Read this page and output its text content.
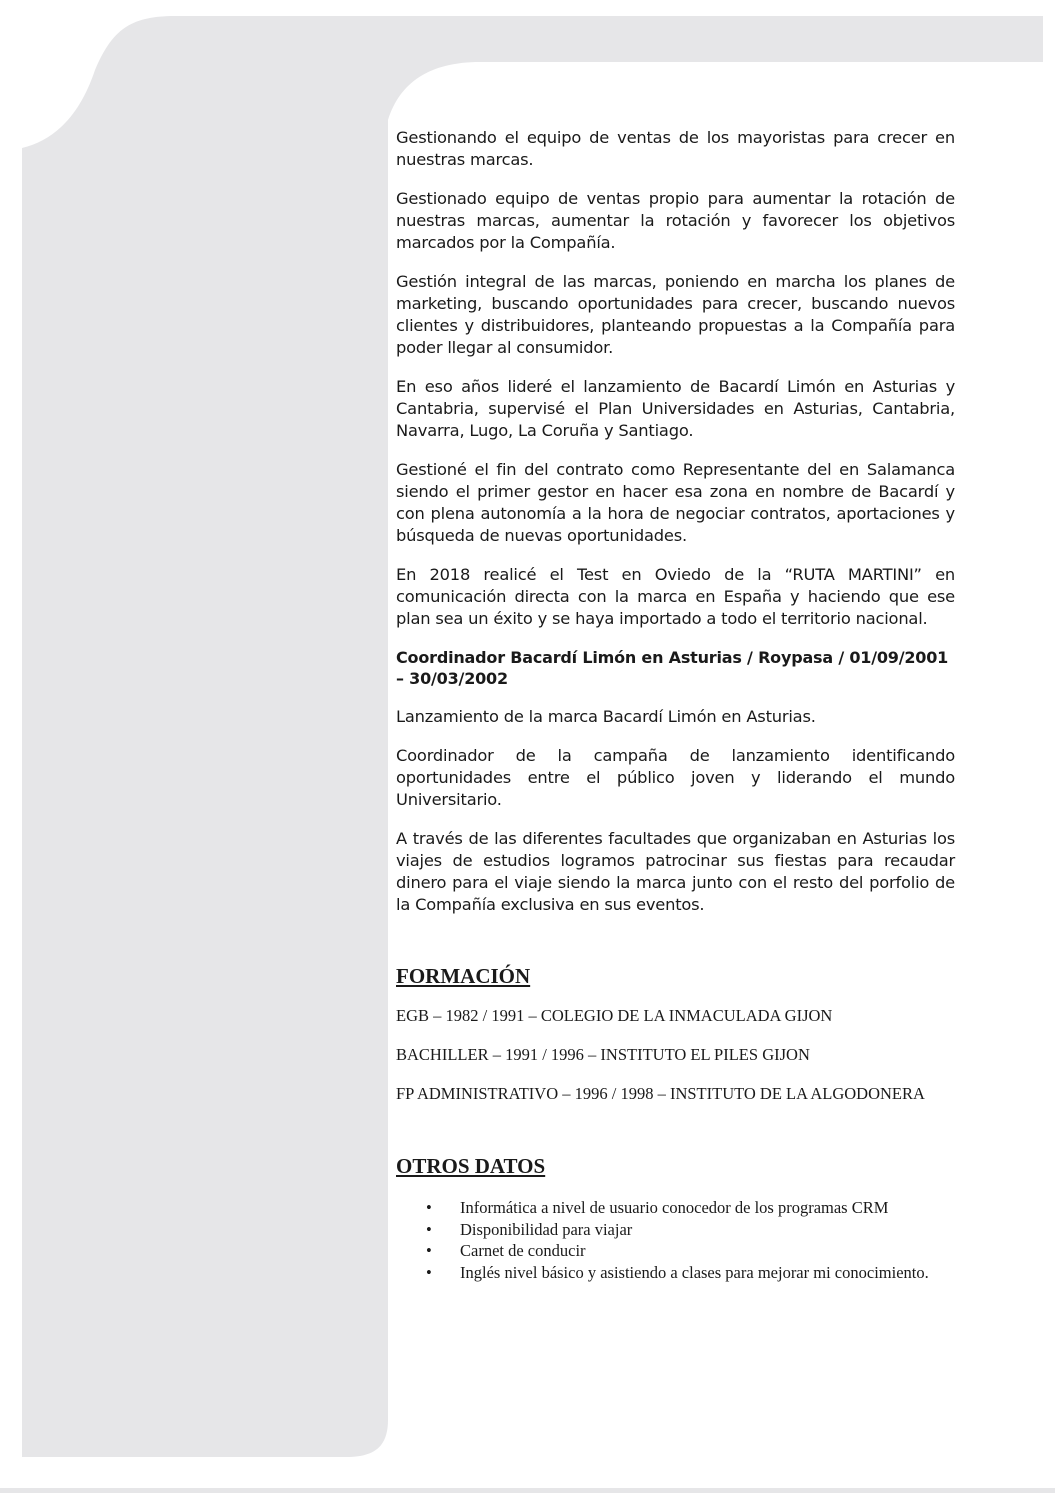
Gestionando el equipo de ventas de los mayoristas para crecer en nuestras marcas.

Gestionado equipo de ventas propio para aumentar la rotación de nuestras marcas, aumentar la rotación y favorecer los objetivos marcados por la Compañía.

Gestión integral de las marcas, poniendo en marcha los planes de marketing, buscando oportunidades para crecer, buscando nuevos clientes y distribuidores, planteando propuestas a la Compañía para poder llegar al consumidor.

En eso años lideré el lanzamiento de Bacardí Limón en Asturias y Cantabria, supervisé el Plan Universidades en Asturias, Cantabria, Navarra, Lugo, La Coruña y Santiago.

Gestioné el fin del contrato como Representante del en Salamanca siendo el primer gestor en hacer esa zona en nombre de Bacardí y con plena autonomía a la hora de negociar contratos, aportaciones y búsqueda de nuevas oportunidades.

En 2018 realicé el Test en Oviedo de la “RUTA MARTINI” en comunicación directa con la marca en España y haciendo que ese plan sea un éxito y se haya importado a todo el territorio nacional.

Coordinador Bacardí Limón en Asturias / Roypasa / 01/09/2001 – 30/03/2002

Lanzamiento de la marca Bacardí Limón en Asturias.

Coordinador de la campaña de lanzamiento identificando oportunidades entre el público joven y liderando el mundo Universitario.

A través de las diferentes facultades que organizaban en Asturias los viajes de estudios logramos patrocinar sus fiestas para recaudar dinero para el viaje siendo la marca junto con el resto del porfolio de la Compañía exclusiva en sus eventos.

FORMACIÓN

EGB – 1982 / 1991 – COLEGIO DE LA INMACULADA GIJON

BACHILLER – 1991 / 1996 – INSTITUTO EL PILES GIJON

FP ADMINISTRATIVO – 1996 / 1998 – INSTITUTO DE LA ALGODONERA

OTROS DATOS
• Informática a nivel de usuario conocedor de los programas CRM
• Disponibilidad para viajar
• Carnet de conducir
• Inglés nivel básico y asistiendo a clases para mejorar mi conocimiento.
